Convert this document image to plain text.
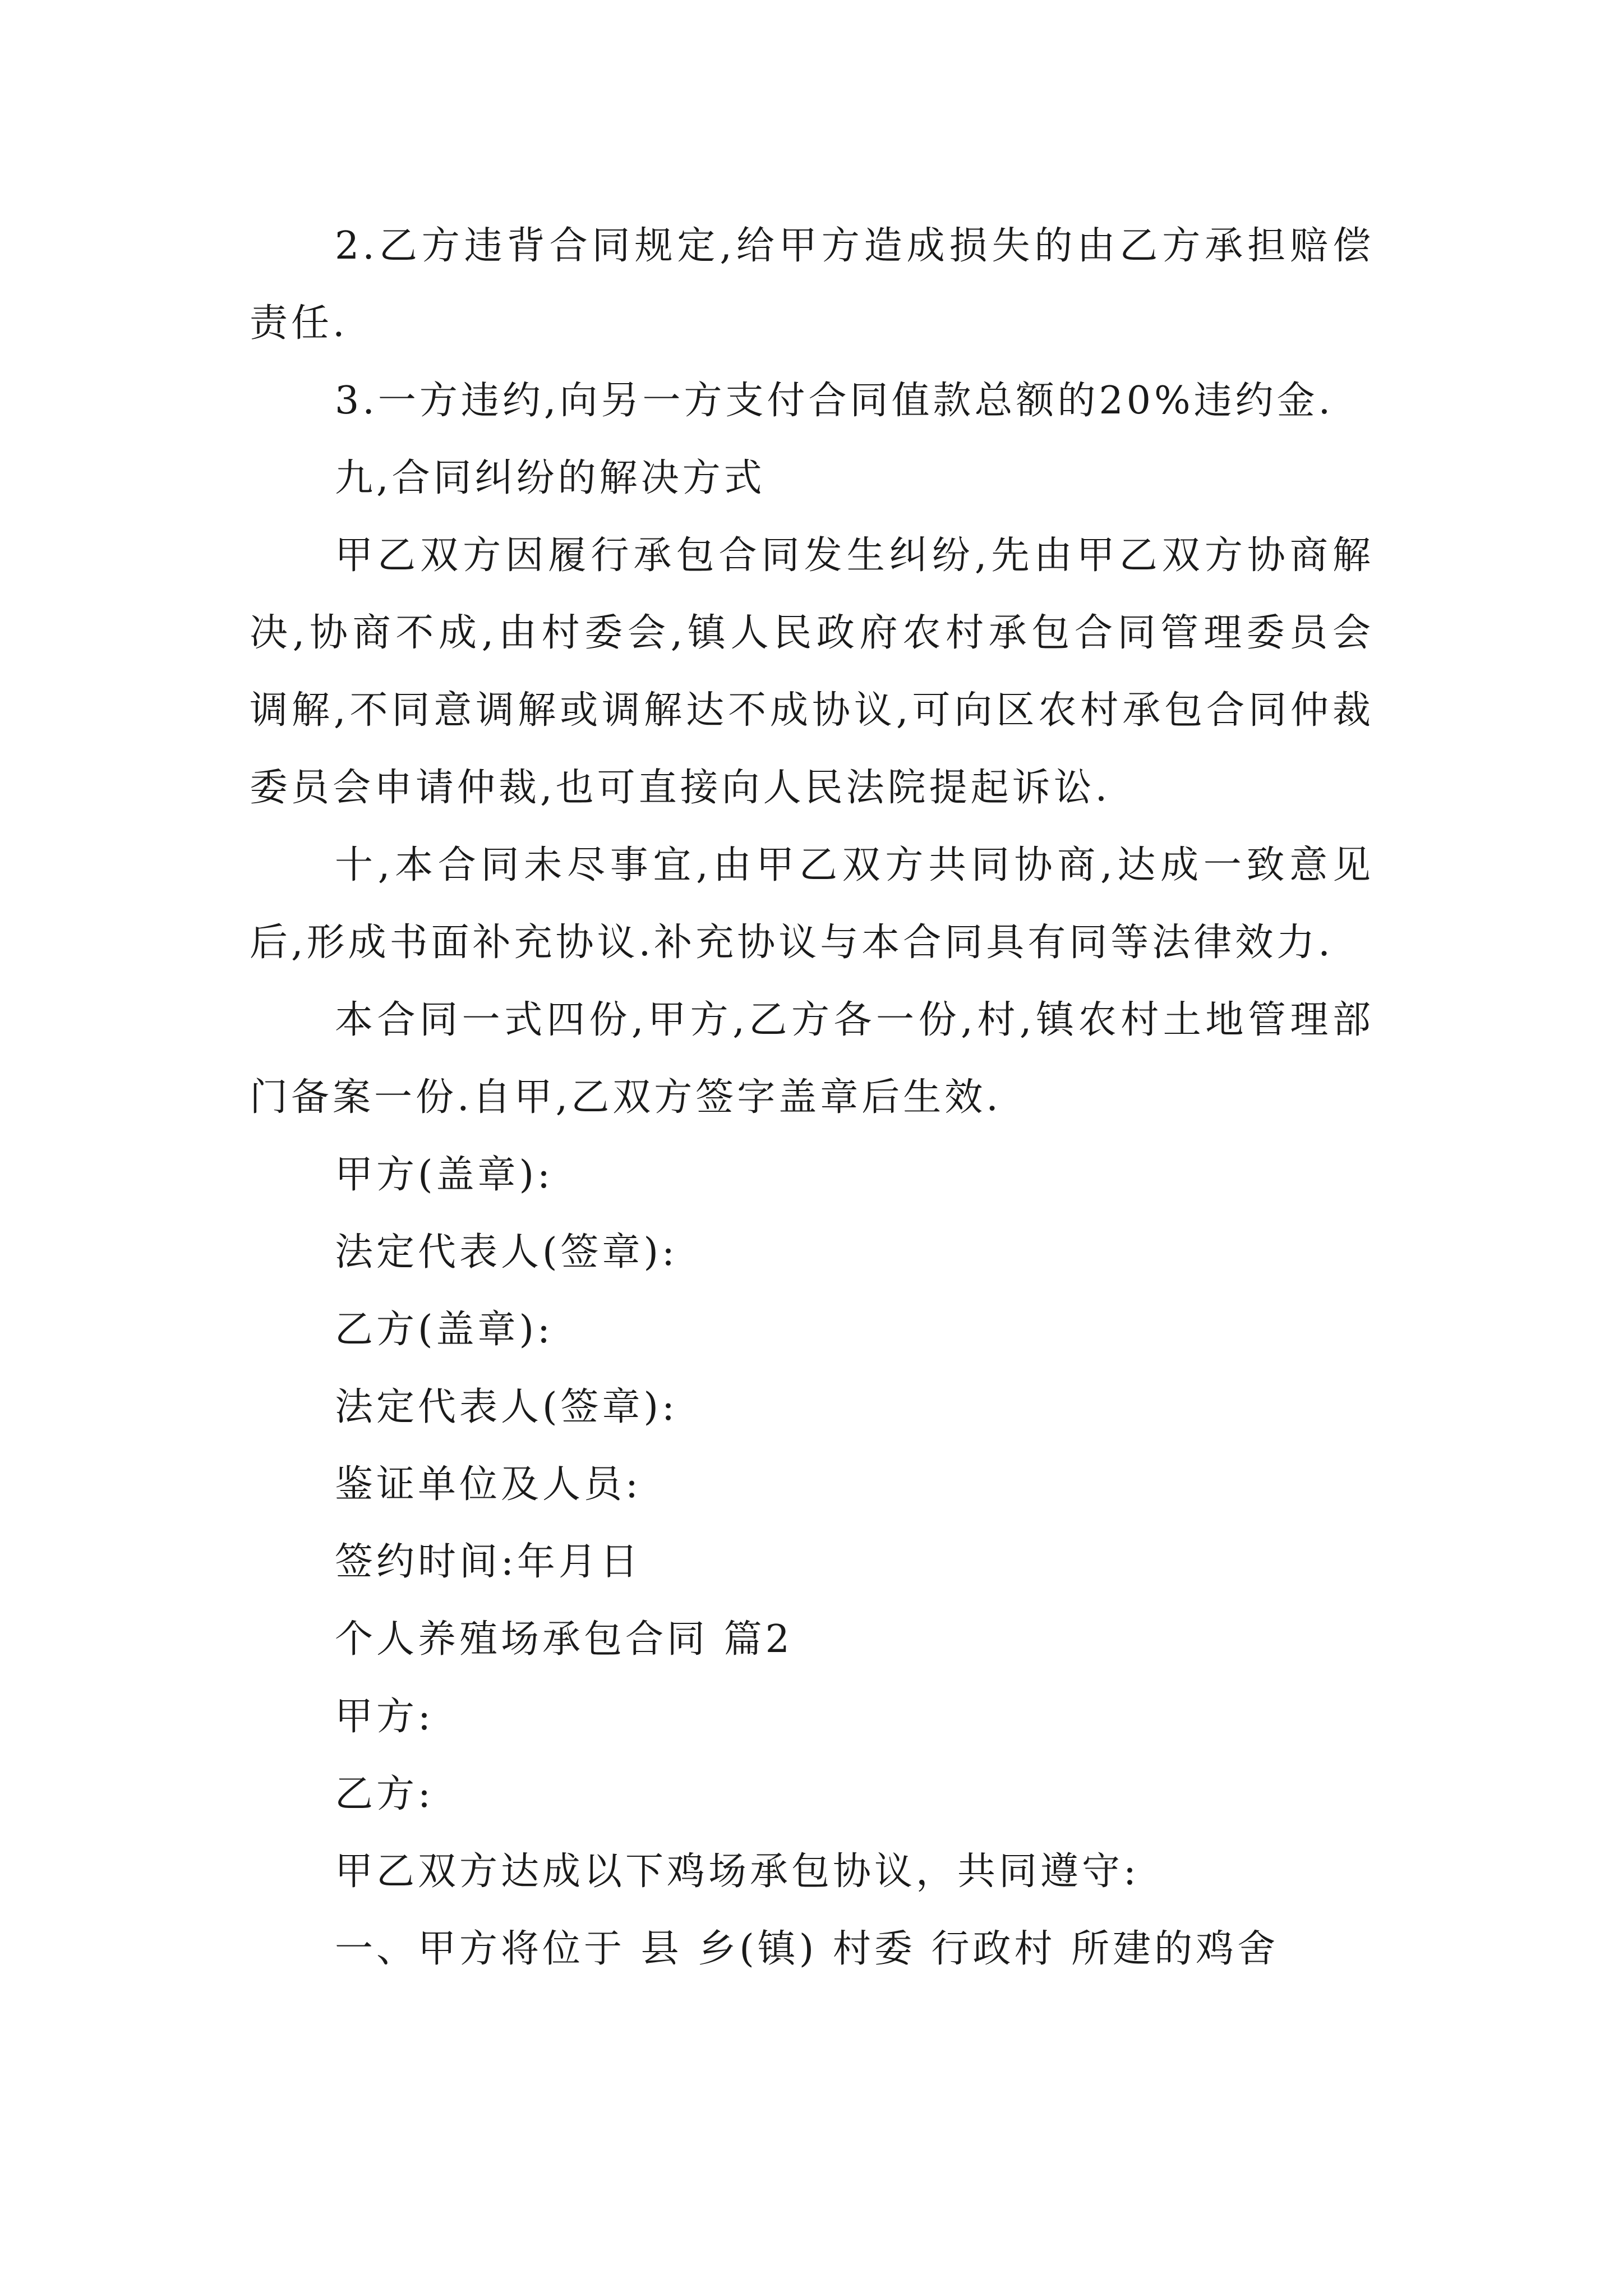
2.乙方违背合同规定,给甲方造成损失的由乙方承担赔偿责任.

3.一方违约,向另一方支付合同值款总额的20%违约金.

九,合同纠纷的解决方式

甲乙双方因履行承包合同发生纠纷,先由甲乙双方协商解决,协商不成,由村委会,镇人民政府农村承包合同管理委员会调解,不同意调解或调解达不成协议,可向区农村承包合同仲裁委员会申请仲裁,也可直接向人民法院提起诉讼.

十,本合同未尽事宜,由甲乙双方共同协商,达成一致意见后,形成书面补充协议.补充协议与本合同具有同等法律效力.

本合同一式四份,甲方,乙方各一份,村,镇农村土地管理部门备案一份.自甲,乙双方签字盖章后生效.

甲方(盖章):

法定代表人(签章):

乙方(盖章):

法定代表人(签章):

鉴证单位及人员:

签约时间:年月日

个人养殖场承包合同 篇2

甲方:

乙方:

甲乙双方达成以下鸡场承包协议，共同遵守:

一、甲方将位于 县 乡(镇) 村委 行政村 所建的鸡舍
